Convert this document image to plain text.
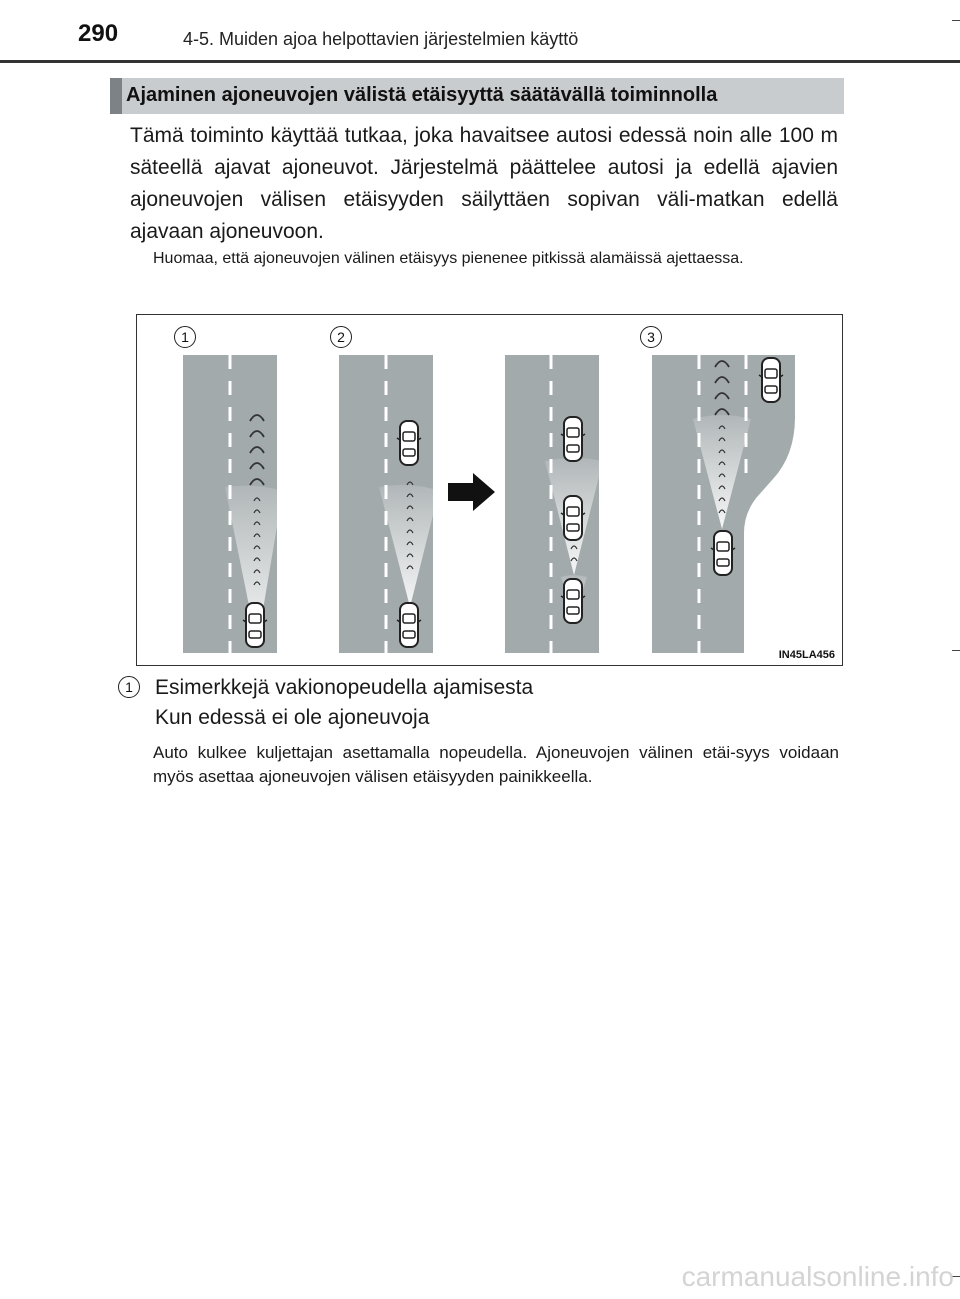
290	4-5. Muiden ajoa helpottavien järjestelmien käyttö
Ajaminen ajoneuvojen välistä etäisyyttä säätävällä toiminnolla
Tämä toiminto käyttää tutkaa, joka havaitsee autosi edessä noin alle 100 m säteellä ajavat ajoneuvot. Järjestelmä päättelee autosi ja edellä ajavien ajoneuvojen välisen etäisyyden säilyttäen sopivan väli-matkan edellä ajavaan ajoneuvoon.
Huomaa, että ajoneuvojen välinen etäisyys pienenee pitkissä alamäissä ajettaessa.
1	2	3
IN45LA456
1	Esimerkkejä vakionopeudella ajamisesta
Kun edessä ei ole ajoneuvoja
Auto kulkee kuljettajan asettamalla nopeudella. Ajoneuvojen välinen etäi-syys voidaan myös asettaa ajoneuvojen välisen etäisyyden painikkeella.
carmanualsonline.info
